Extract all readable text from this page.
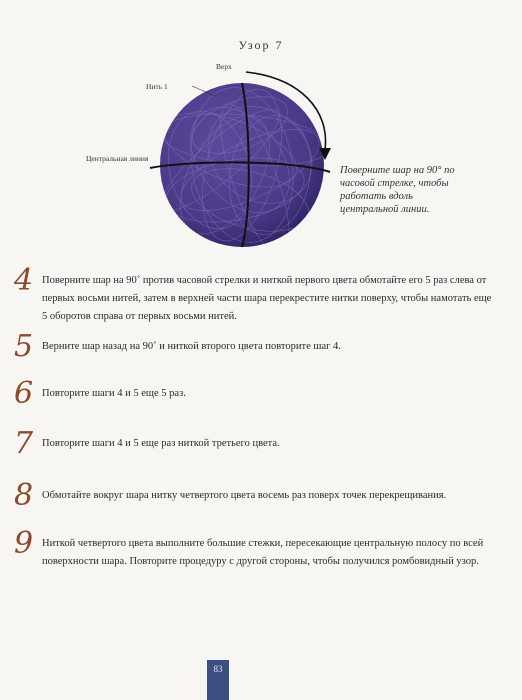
Узор 7
Верх
Нить 1
Центральная линия
Поверните шар на 90° по часовой стрелке, чтобы работать вдоль центральной линии.
4 Поверните шар на 90˚ против часовой стрелки и ниткой первого цвета обмотайте его 5 раз слева от первых восьми нитей, затем в верхней части шара перекрестите нитки поверху, чтобы намотать еще 5 оборотов справа от первых восьми нитей.
5 Верните шар назад на 90˚ и ниткой второго цвета повторите шаг 4.
6 Повторите шаги 4 и 5 еще 5 раз.
7 Повторите шаги 4 и 5 еще раз ниткой третьего цвета.
8 Обмотайте вокруг шара нитку четвертого цвета восемь раз поверх точек перекрещивания.
9 Ниткой четвертого цвета выполните большие стежки, пересекающие центральную полосу по всей поверхности шара. Повторите процедуру с другой стороны, чтобы получился ромбовидный узор.
83
